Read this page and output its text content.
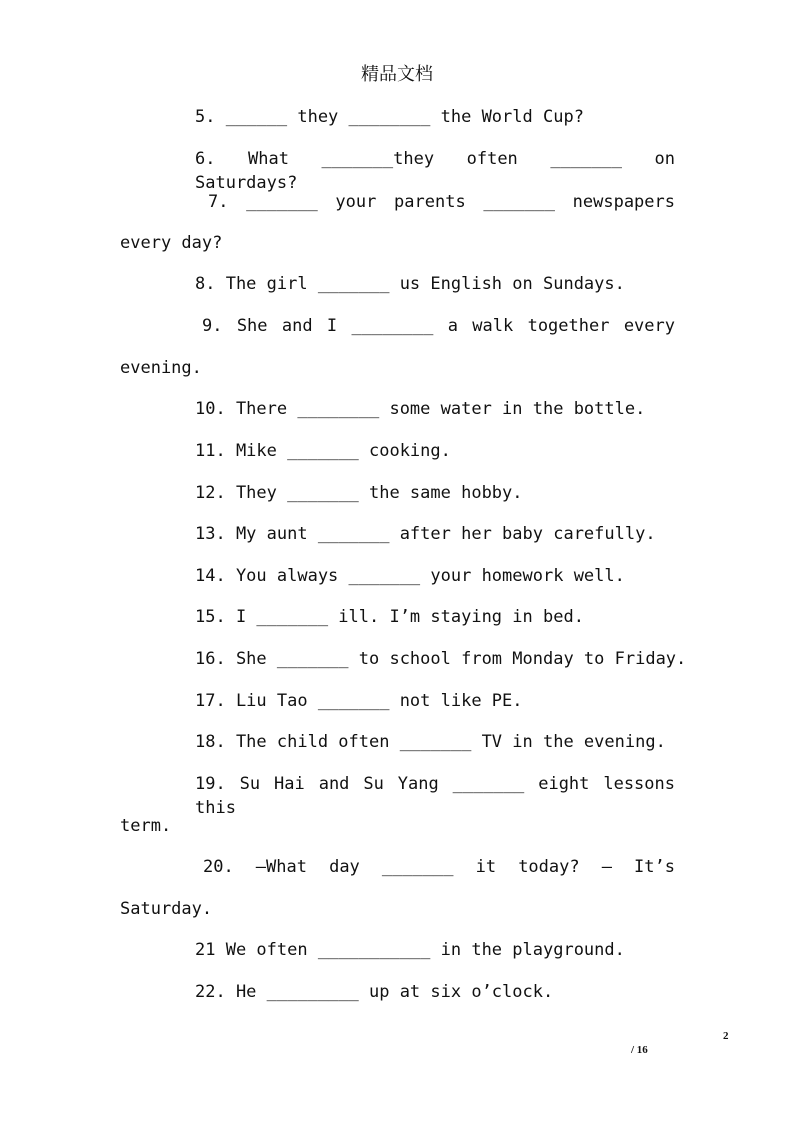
精品文档
5. ______ they ________ the World Cup?
6. What _______they often _______ on Saturdays?
7. _______ your parents _______ newspapers
every day?
8. The girl _______ us English on Sundays.
9. She and I ________ a walk together every
evening.
10. There ________ some water in the bottle.
11. Mike _______ cooking.
12. They _______ the same hobby.
13. My aunt _______ after her baby carefully.
14. You always _______ your homework well.
15. I _______ ill. I’m staying in bed.
16. She _______ to school from Monday to Friday.
17. Liu Tao _______ not like PE.
18. The child often _______ TV in the evening.
19. Su Hai and Su Yang _______ eight lessons this
term.
20. —What day _______ it today? — It’s
Saturday.
21 We often ___________ in the playground.
22. He _________ up at six o’clock.
2
/ 16
